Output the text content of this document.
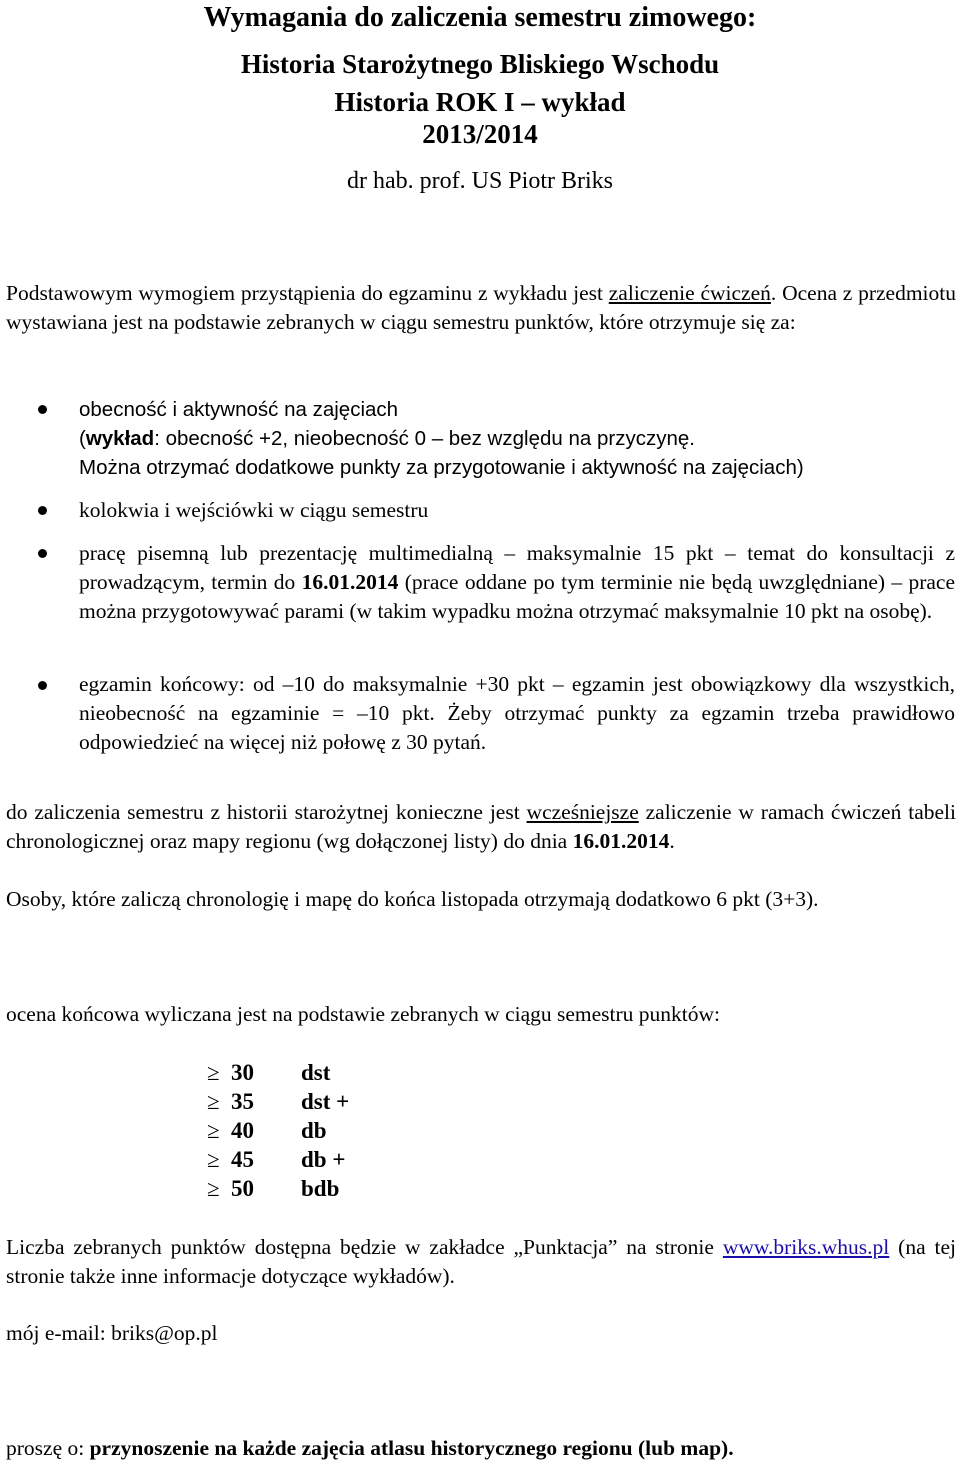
Wymagania do zaliczenia semestru zimowego:
Historia Starożytnego Bliskiego Wschodu
Historia ROK I – wykład
2013/2014
dr hab. prof. US Piotr Briks
Podstawowym wymogiem przystąpienia do egzaminu z wykładu jest zaliczenie ćwiczeń. Ocena z przedmiotu wystawiana jest na podstawie zebranych w ciągu semestru punktów, które otrzymuje się za:
obecność i aktywność na zajęciach
(wykład: obecność +2, nieobecność 0 – bez względu na przyczynę.
Można otrzymać dodatkowe punkty za przygotowanie i aktywność na zajęciach)
kolokwia i wejściówki w ciągu semestru
pracę pisemną lub prezentację multimedialną – maksymalnie 15 pkt – temat do konsultacji z prowadzącym, termin do 16.01.2014 (prace oddane po tym terminie nie będą uwzględniane) – prace można przygotowywać parami (w takim wypadku można otrzymać maksymalnie 10 pkt na osobę).
egzamin końcowy: od –10 do maksymalnie +30 pkt – egzamin jest obowiązkowy dla wszystkich, nieobecność na egzaminie = –10 pkt. Żeby otrzymać punkty za egzamin trzeba prawidłowo odpowiedzieć na więcej niż połowę z 30 pytań.
do zaliczenia semestru z historii starożytnej konieczne jest wcześniejsze zaliczenie w ramach ćwiczeń tabeli chronologicznej oraz mapy regionu (wg dołączonej listy) do dnia 16.01.2014.
Osoby, które zaliczą chronologię i mapę do końca listopada otrzymają dodatkowo 6 pkt (3+3).
ocena końcowa wyliczana jest na podstawie zebranych w ciągu semestru punktów:
≥ 30 dst
≥ 35 dst +
≥ 40 db
≥ 45 db +
≥ 50 bdb
Liczba zebranych punktów dostępna będzie w zakładce „Punktacja” na stronie www.briks.whus.pl (na tej stronie także inne informacje dotyczące wykładów).
mój e-mail: briks@op.pl
proszę o: przynoszenie na każde zajęcia atlasu historycznego regionu (lub map).
